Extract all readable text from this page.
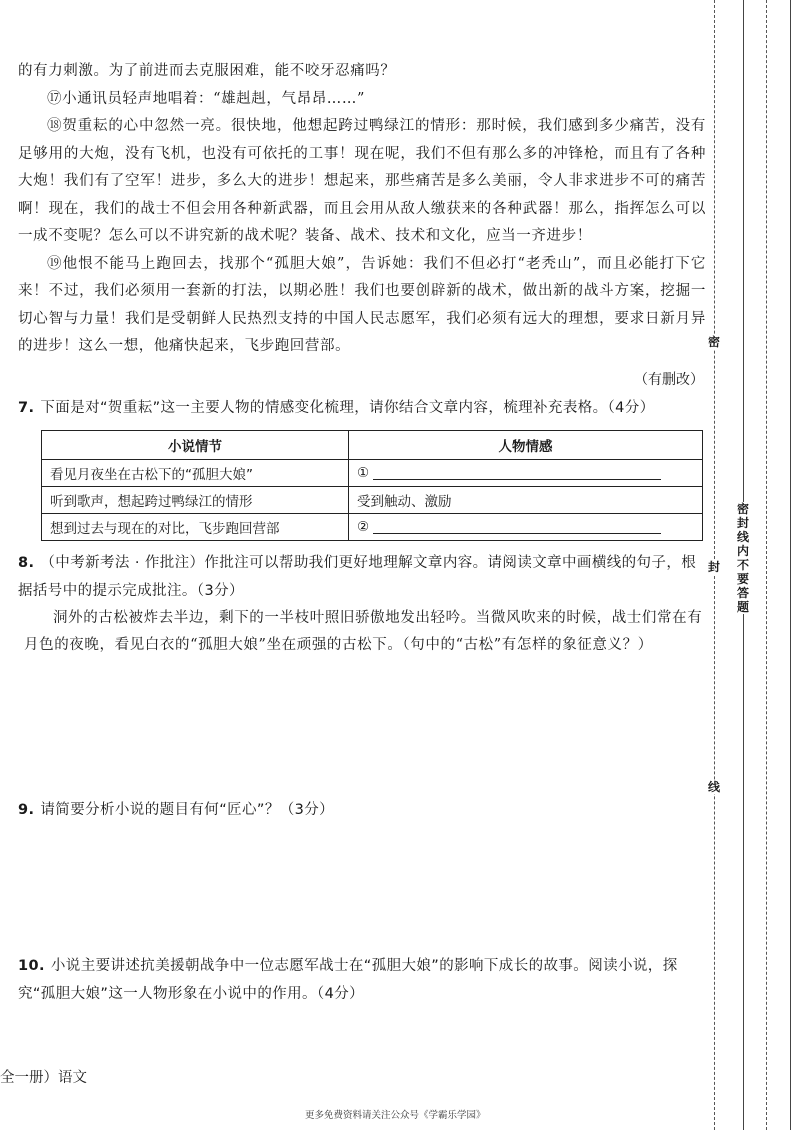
的有力刺激。为了前进而去克服困难，能不咬牙忍痛吗？

⑰小通讯员轻声地唱着：“雄赳赳，气昂昂……”

⑱贺重耘的心中忽然一亮。很快地，他想起跨过鸭绿江的情形：那时候，我们感到多少痛苦，没有足够用的大炮，没有飞机，也没有可依托的工事！现在呢，我们不但有那么多的冲锋枪，而且有了各种大炮！我们有了空军！进步，多么大的进步！想起来，那些痛苦是多么美丽，令人非求进步不可的痛苦啊！现在，我们的战士不但会用各种新武器，而且会用从敌人缴获来的各种武器！那么，指挥怎么可以一成不变呢？怎么可以不讲究新的战术呢？装备、战术、技术和文化，应当一齐进步！

⑲他恨不能马上跑回去，找那个“孤胆大娘”，告诉她：我们不但必打“老秃山”，而且必能打下它来！不过，我们必须用一套新的打法，以期必胜！我们也要创辟新的战术，做出新的战斗方案，挖掘一切心智与力量！我们是受朝鲜人民热烈支持的中国人民志愿军，我们必须有远大的理想，要求日新月异的进步！这么一想，他痛快起来，飞步跑回营部。

（有删改）

7. 下面是对“贺重耘”这一主要人物的情感变化梳理，请你结合文章内容，梳理补充表格。（4分）

小说情节	人物情感
看见月夜坐在古松下的“孤胆大娘”	①
听到歌声，想起跨过鸭绿江的情形	受到触动、激励
想到过去与现在的对比，飞步跑回营部	②

8. （中考新考法 · 作批注）作批注可以帮助我们更好地理解文章内容。请阅读文章中画横线的句子，根据括号中的提示完成批注。（3分）

洞外的古松被炸去半边，剩下的一半枝叶照旧骄傲地发出轻吟。当微风吹来的时候，战士们常在有月色的夜晚，看见白衣的“孤胆大娘”坐在顽强的古松下。（句中的“古松”有怎样的象征意义？）

9. 请简要分析小说的题目有何“匠心”？（3分）

10. 小说主要讲述抗美援朝战争中一位志愿军战士在“孤胆大娘”的影响下成长的故事。阅读小说，探究“孤胆大娘”这一人物形象在小说中的作用。（4分）

全一册）语文
更多免费资料请关注公众号《学霸乐学园》
密
密封线内不要答题
封
线
